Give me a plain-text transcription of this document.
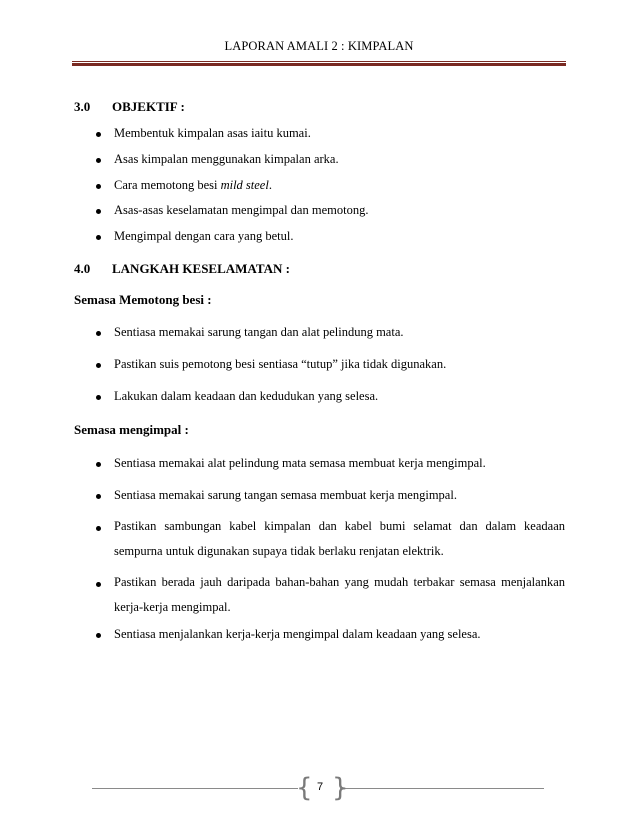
LAPORAN AMALI 2 : KIMPALAN
3.0 OBJEKTIF :
Membentuk kimpalan asas iaitu kumai.
Asas kimpalan menggunakan kimpalan arka.
Cara memotong besi mild steel.
Asas-asas keselamatan mengimpal dan memotong.
Mengimpal dengan cara yang betul.
4.0 LANGKAH KESELAMATAN :
Semasa Memotong besi :
Sentiasa memakai sarung tangan dan alat pelindung mata.
Pastikan suis pemotong besi sentiasa “tutup” jika tidak digunakan.
Lakukan dalam keadaan dan kedudukan yang selesa.
Semasa mengimpal :
Sentiasa memakai alat pelindung mata semasa membuat kerja mengimpal.
Sentiasa memakai sarung tangan semasa membuat kerja mengimpal.
Pastikan sambungan kabel kimpalan dan kabel bumi selamat dan dalam keadaan
sempurna untuk digunakan supaya tidak berlaku renjatan elektrik.
Pastikan berada jauh daripada bahan-bahan yang mudah terbakar semasa menjalankan
kerja-kerja mengimpal.
Sentiasa menjalankan kerja-kerja mengimpal dalam keadaan yang selesa.
{ }
7
